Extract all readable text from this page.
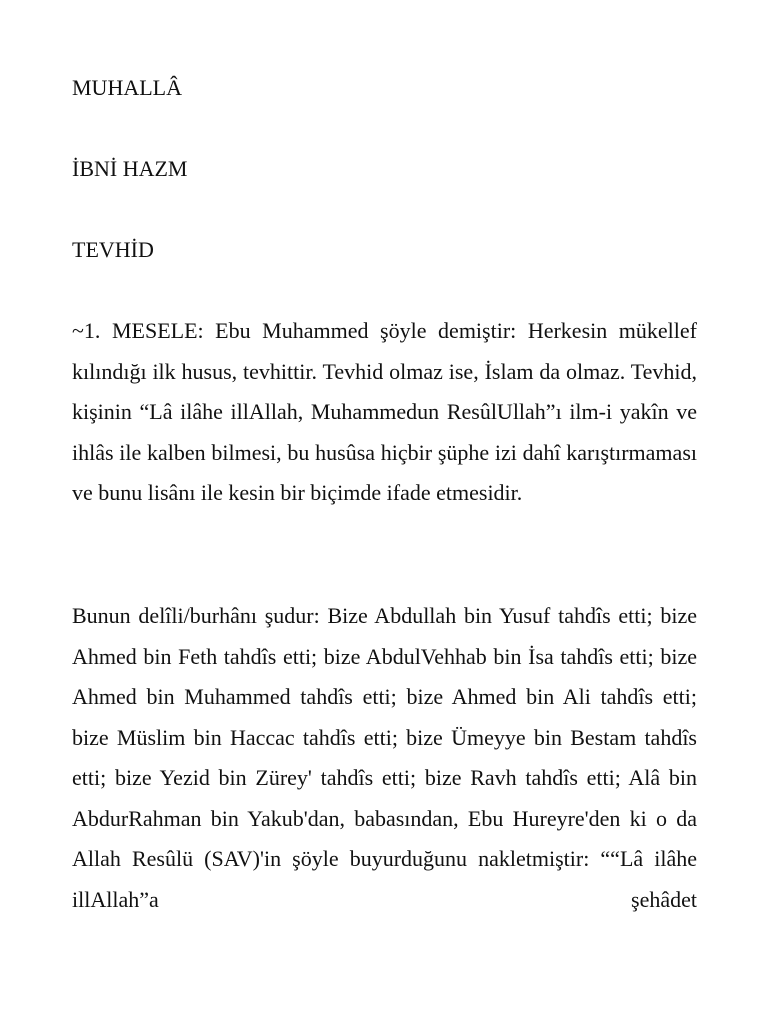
MUHALLÂ
İBNİ HAZM
TEVHİD

~1. MESELE: Ebu Muhammed şöyle demiştir: Herkesin mükellef kılındığı ilk husus, tevhittir. Tevhid olmaz ise, İslam da olmaz. Tevhid, kişinin “Lâ ilâhe illAllah, Muhammedun ResûlUllah”ı ilm-i yakîn ve ihlâs ile kalben bilmesi, bu husûsa hiçbir şüphe izi dahî karıştırmaması ve bunu lisânı ile kesin bir biçimde ifade etmesidir.

Bunun delîli/burhânı şudur: Bize Abdullah bin Yusuf tahdîs etti; bize Ahmed bin Feth tahdîs etti; bize AbdulVehhab bin İsa tahdîs etti; bize Ahmed bin Muhammed tahdîs etti; bize Ahmed bin Ali tahdîs etti; bize Müslim bin Haccac tahdîs etti; bize Ümeyye bin Bestam tahdîs etti; bize Yezid bin Zürey' tahdîs etti; bize Ravh tahdîs etti; Alâ bin AbdurRahman bin Yakub'dan, babasından, Ebu Hureyre'den ki o da Allah Resûlü (SAV)'in şöyle buyurduğunu nakletmiştir: ““Lâ ilâhe illAllah”a şehâdet
